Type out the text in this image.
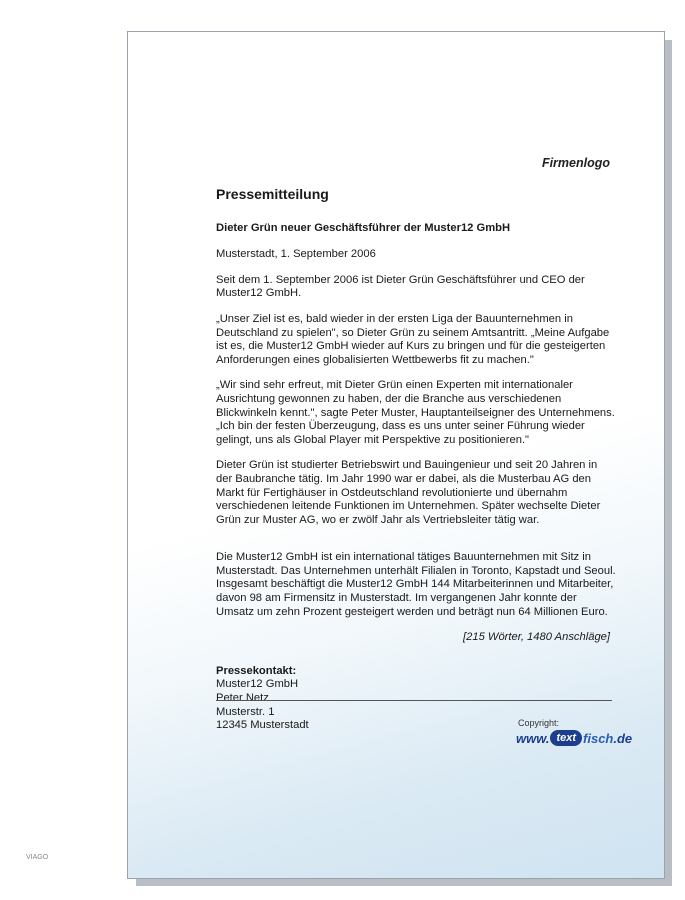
Firmenlogo
Pressemitteilung
Dieter Grün neuer Geschäftsführer der Muster12 GmbH
Musterstadt, 1. September 2006
Seit dem 1. September 2006 ist Dieter Grün Geschäftsführer und CEO der Muster12 GmbH.
„Unser Ziel ist es, bald wieder in der ersten Liga der Bauunternehmen in Deutschland zu spielen", so Dieter Grün zu seinem Amtsantritt. „Meine Aufgabe ist es, die Muster12 GmbH wieder auf Kurs zu bringen und für die gesteigerten Anforderungen eines globalisierten Wettbewerbs fit zu machen."
„Wir sind sehr erfreut, mit Dieter Grün einen Experten mit internationaler Ausrichtung gewonnen zu haben, der die Branche aus verschiedenen Blickwinkeln kennt.", sagte Peter Muster, Hauptanteilseigner des Unternehmens. „Ich bin der festen Überzeugung, dass es uns unter seiner Führung wieder gelingt, uns als Global Player mit Perspektive zu positionieren."
Dieter Grün ist studierter Betriebswirt und Bauingenieur und seit 20 Jahren in der Baubranche tätig. Im Jahr 1990 war er dabei, als die Musterbau AG den Markt für Fertighäuser in Ostdeutschland revolutionierte und übernahm verschiedenen leitende Funktionen im Unternehmen. Später wechselte Dieter Grün zur Muster AG, wo er zwölf Jahr als Vertriebsleiter tätig war.
Die Muster12 GmbH ist ein international tätiges Bauunternehmen mit Sitz in Musterstadt. Das Unternehmen unterhält Filialen in Toronto, Kapstadt und Seoul. Insgesamt beschäftigt die Muster12 GmbH 144 Mitarbeiterinnen und Mitarbeiter, davon 98 am Firmensitz in Musterstadt. Im vergangenen Jahr konnte der Umsatz um zehn Prozent gesteigert werden und beträgt nun 64 Millionen Euro.
[215 Wörter, 1480 Anschläge]
Pressekontakt:
Muster12 GmbH
Peter Netz
Musterstr. 1
12345 Musterstadt	Copyright:
www. text fisch .de
VIAGO
